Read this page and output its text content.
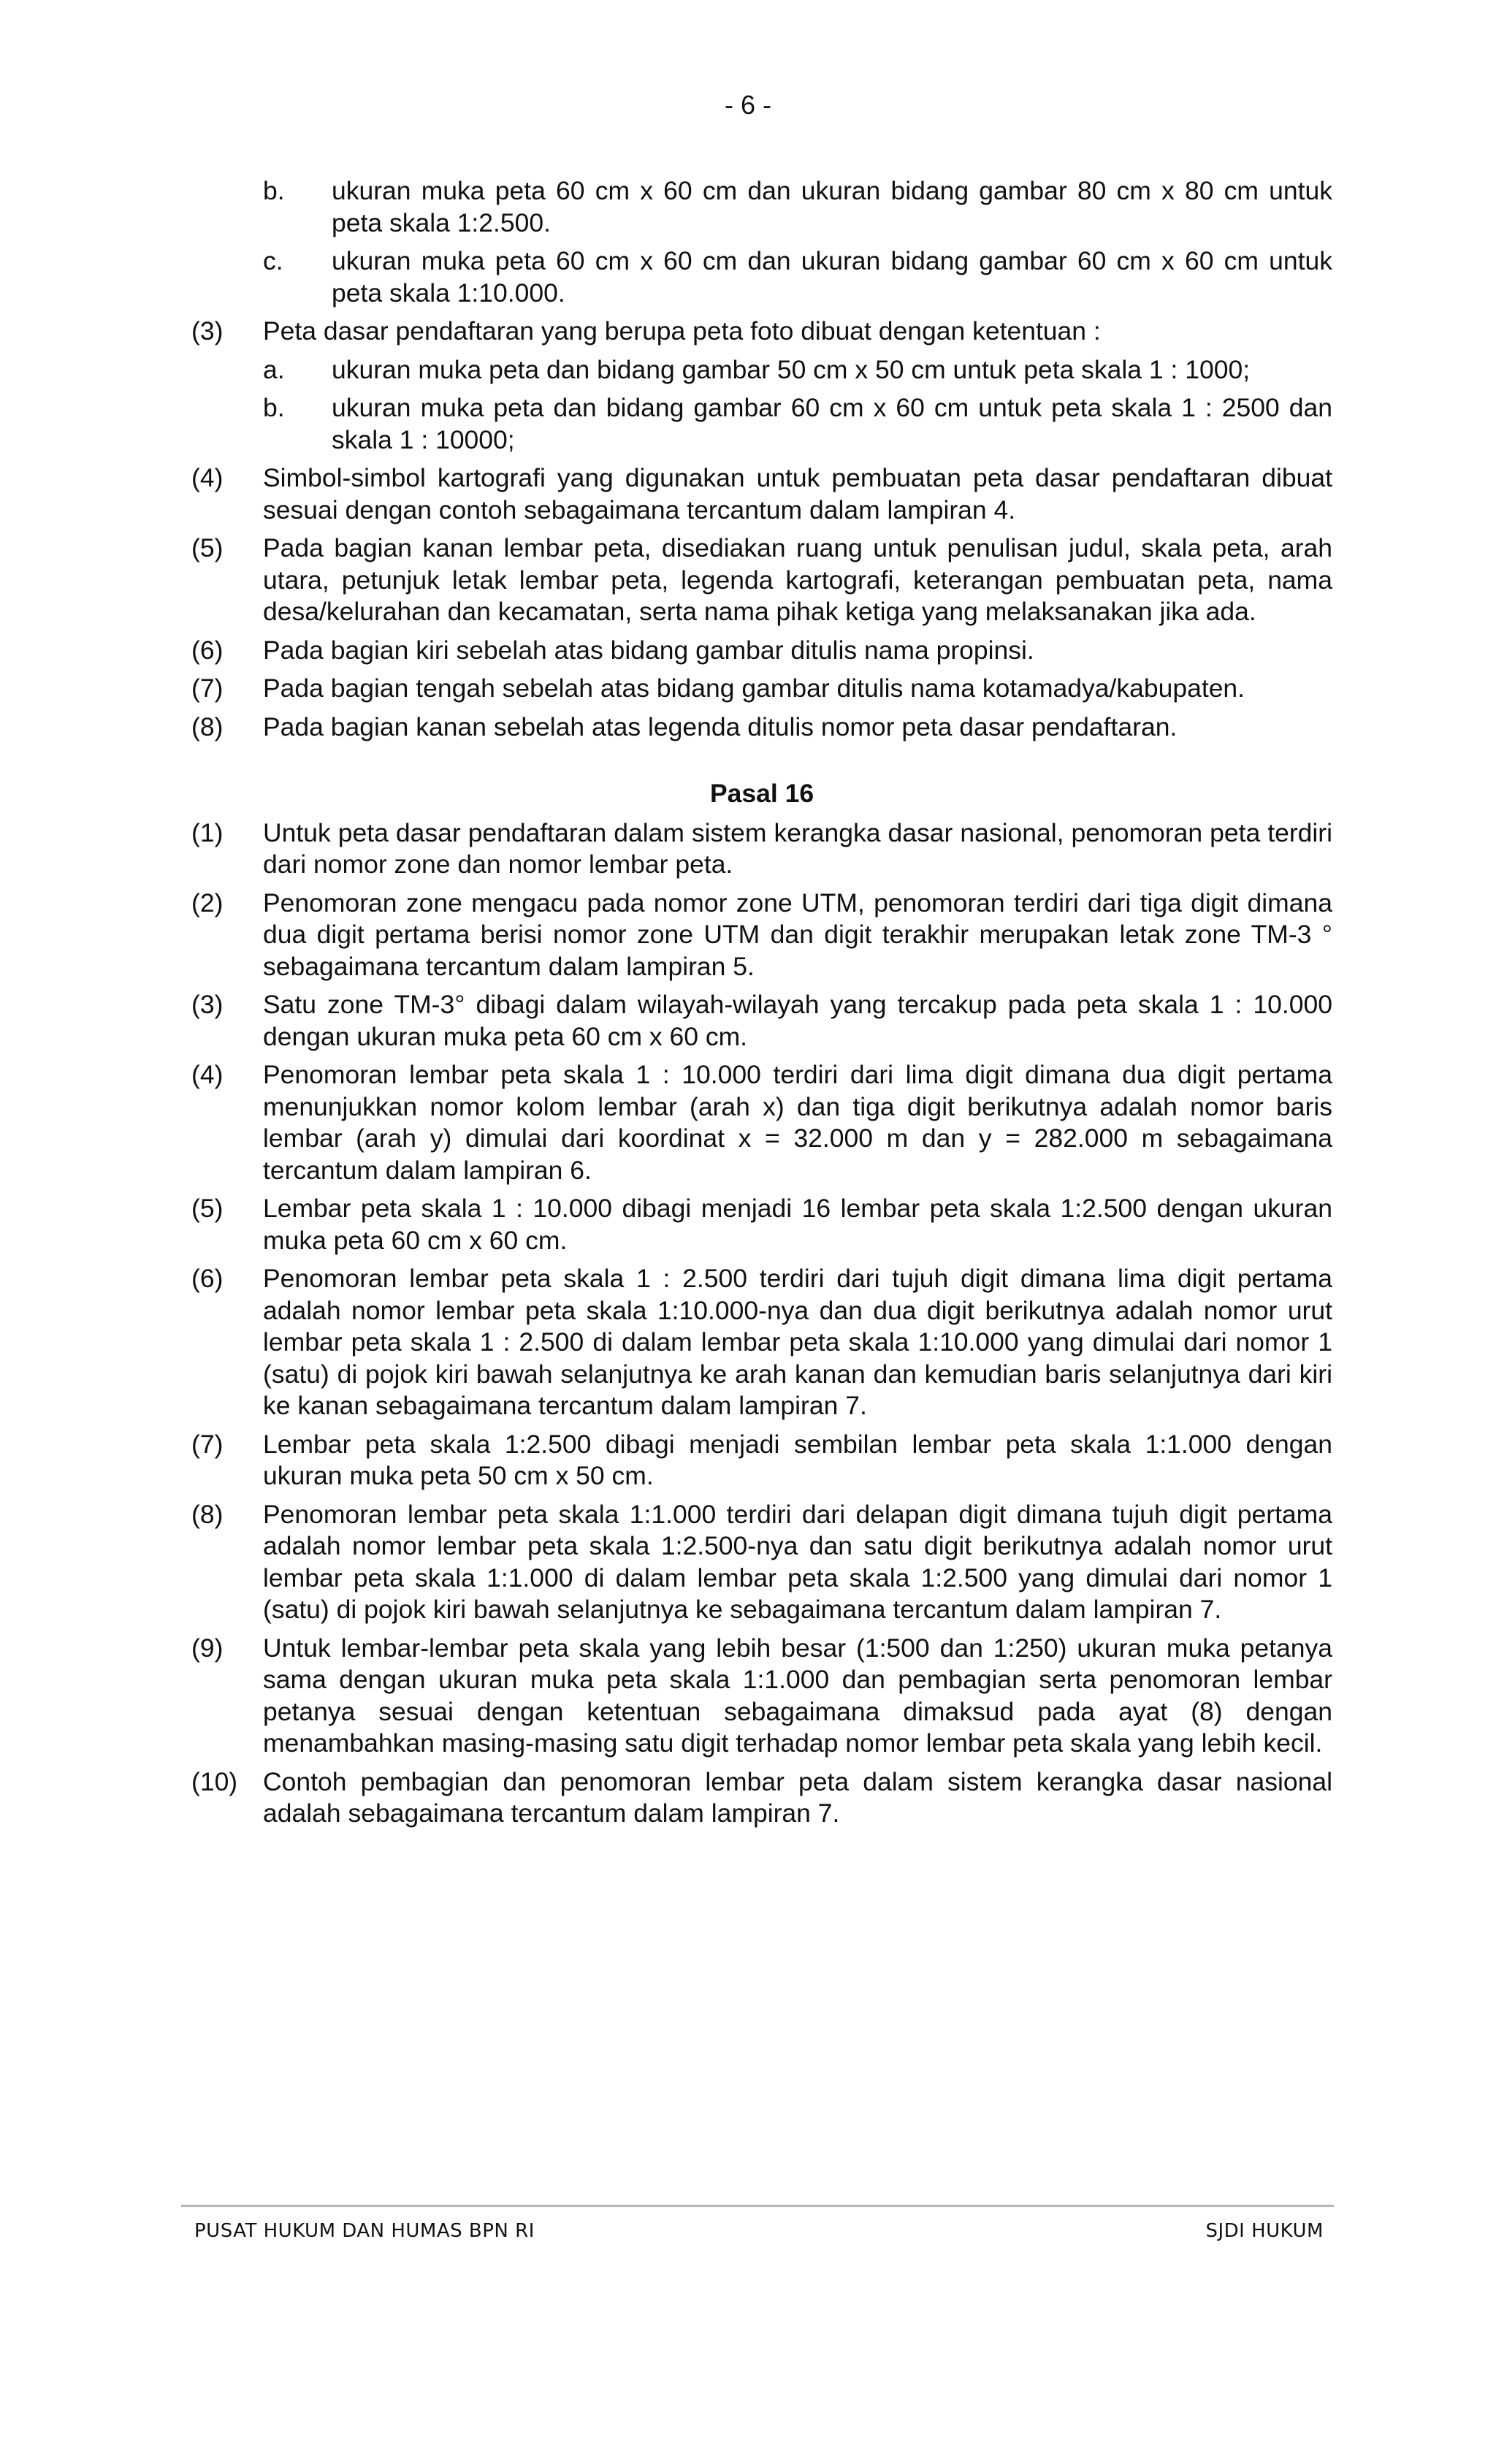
- 6 -
b.	ukuran muka peta 60 cm x 60 cm dan ukuran bidang gambar 80 cm x 80 cm untuk peta skala 1:2.500.
c.	ukuran muka peta 60 cm x 60 cm dan ukuran bidang gambar 60 cm x 60 cm untuk peta skala 1:10.000.
(3)	Peta dasar pendaftaran yang berupa peta foto dibuat dengan ketentuan :
a.	ukuran muka peta dan bidang gambar 50 cm x 50 cm untuk peta skala 1 : 1000;
b.	ukuran muka peta dan bidang gambar 60 cm x 60 cm untuk peta skala 1 : 2500 dan skala 1 : 10000;
(4)	Simbol-simbol kartografi yang digunakan untuk pembuatan peta dasar pendaftaran dibuat sesuai dengan contoh sebagaimana tercantum dalam lampiran 4.
(5)	Pada bagian kanan lembar peta, disediakan ruang untuk penulisan judul, skala peta, arah utara, petunjuk letak lembar peta, legenda kartografi, keterangan pembuatan peta, nama desa/kelurahan dan kecamatan, serta nama pihak ketiga yang melaksanakan jika ada.
(6)	Pada bagian kiri sebelah atas bidang gambar ditulis nama propinsi.
(7)	Pada bagian tengah sebelah atas bidang gambar ditulis nama kotamadya/kabupaten.
(8)	Pada bagian kanan sebelah atas legenda ditulis nomor peta dasar pendaftaran.
Pasal 16
(1)	Untuk peta dasar pendaftaran dalam sistem kerangka dasar nasional, penomoran peta terdiri dari nomor zone dan nomor lembar peta.
(2)	Penomoran zone mengacu pada nomor zone UTM, penomoran terdiri dari tiga digit dimana dua digit pertama berisi nomor zone UTM dan digit terakhir merupakan letak zone TM-3 ° sebagaimana tercantum dalam lampiran 5.
(3)	Satu zone TM-3° dibagi dalam wilayah-wilayah yang tercakup pada peta skala 1 : 10.000 dengan ukuran muka peta 60 cm x 60 cm.
(4)	Penomoran lembar peta skala 1 : 10.000 terdiri dari lima digit dimana dua digit pertama menunjukkan nomor kolom lembar (arah x) dan tiga digit berikutnya adalah nomor baris lembar (arah y) dimulai dari koordinat x = 32.000 m dan y = 282.000 m sebagaimana tercantum dalam lampiran 6.
(5)	Lembar peta skala 1 : 10.000 dibagi menjadi 16 lembar peta skala 1:2.500 dengan ukuran muka peta 60 cm x 60 cm.
(6)	Penomoran lembar peta skala 1 : 2.500 terdiri dari tujuh digit dimana lima digit pertama adalah nomor lembar peta skala 1:10.000-nya dan dua digit berikutnya adalah nomor urut lembar peta skala 1 : 2.500 di dalam lembar peta skala 1:10.000 yang dimulai dari nomor 1 (satu) di pojok kiri bawah selanjutnya ke arah kanan dan kemudian baris selanjutnya dari kiri ke kanan sebagaimana tercantum dalam lampiran 7.
(7)	Lembar peta skala 1:2.500 dibagi menjadi sembilan lembar peta skala 1:1.000 dengan ukuran muka peta 50 cm x 50 cm.
(8)	Penomoran lembar peta skala 1:1.000 terdiri dari delapan digit dimana tujuh digit pertama adalah nomor lembar peta skala 1:2.500-nya dan satu digit berikutnya adalah nomor urut lembar peta skala 1:1.000 di dalam lembar peta skala 1:2.500 yang dimulai dari nomor 1 (satu) di pojok kiri bawah selanjutnya ke sebagaimana tercantum dalam lampiran 7.
(9)	Untuk lembar-lembar peta skala yang lebih besar (1:500 dan 1:250) ukuran muka petanya sama dengan ukuran muka peta skala 1:1.000 dan pembagian serta penomoran lembar petanya sesuai dengan ketentuan sebagaimana dimaksud pada ayat (8) dengan menambahkan masing-masing satu digit terhadap nomor lembar peta skala yang lebih kecil.
(10) Contoh pembagian dan penomoran lembar peta dalam sistem kerangka dasar nasional adalah sebagaimana tercantum dalam lampiran 7.
PUSAT HUKUM DAN HUMAS BPN RI	SJDI HUKUM
